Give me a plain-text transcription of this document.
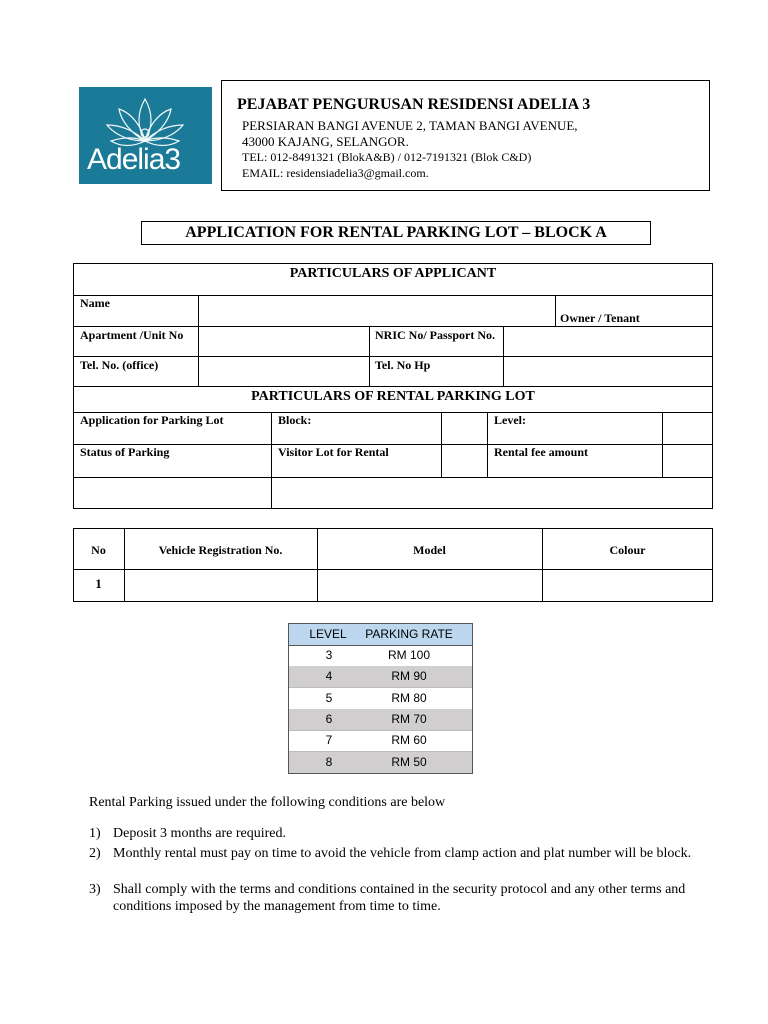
Adelia3
PEJABAT PENGURUSAN RESIDENSI ADELIA 3
PERSIARAN BANGI AVENUE 2, TAMAN BANGI AVENUE,
43000 KAJANG, SELANGOR.
TEL: 012-8491321 (BlokA&B) / 012-7191321 (Blok C&D)
EMAIL: residensiadelia3@gmail.com.
APPLICATION FOR RENTAL PARKING LOT – BLOCK A
PARTICULARS OF APPLICANT
Name
Owner / Tenant
Apartment /Unit No	NRIC No/ Passport No.
Tel. No. (office)	Tel. No Hp
PARTICULARS OF RENTAL PARKING LOT
Application for Parking Lot	Block:	Level:
Status of Parking	Visitor Lot for Rental	Rental fee amount
No	Vehicle Registration No.	Model	Colour
1
LEVEL	PARKING RATE
3	RM 100
4	RM 90
5	RM 80
6	RM 70
7	RM 60
8	RM 50
Rental Parking issued under the following conditions are below
1) Deposit 3 months are required.
2) Monthly rental must pay on time to avoid the vehicle from clamp action and plat number will be block.
3) Shall comply with the terms and conditions contained in the security protocol and any other terms and conditions imposed by the management from time to time.
